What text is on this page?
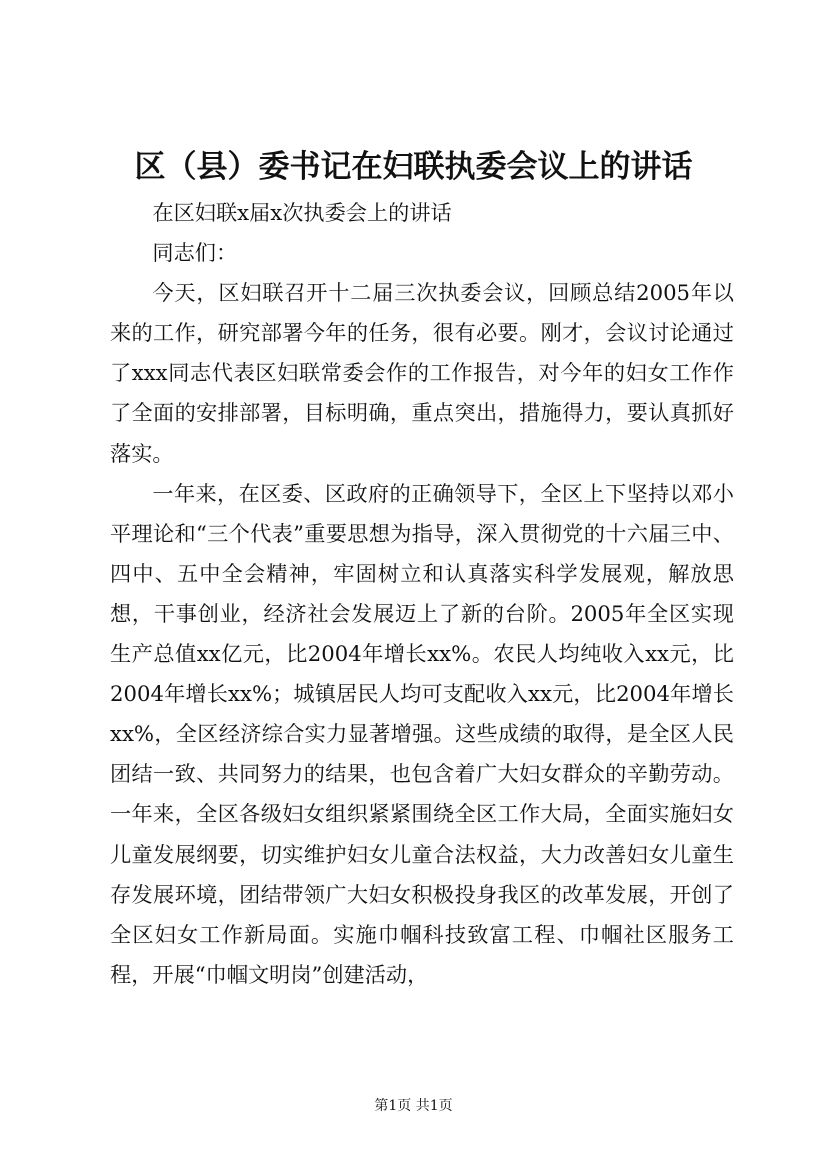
区（县）委书记在妇联执委会议上的讲话

在区妇联x届x次执委会上的讲话

同志们：

今天，区妇联召开十二届三次执委会议，回顾总结2005年以来的工作，研究部署今年的任务，很有必要。刚才，会议讨论通过了xxx同志代表区妇联常委会作的工作报告，对今年的妇女工作作了全面的安排部署，目标明确，重点突出，措施得力，要认真抓好落实。

一年来，在区委、区政府的正确领导下，全区上下坚持以邓小平理论和“三个代表”重要思想为指导，深入贯彻党的十六届三中、四中、五中全会精神，牢固树立和认真落实科学发展观，解放思想，干事创业，经济社会发展迈上了新的台阶。2005年全区实现生产总值xx亿元，比2004年增长xx%。农民人均纯收入xx元，比2004年增长xx%；城镇居民人均可支配收入xx元，比2004年增长xx%，全区经济综合实力显著增强。这些成绩的取得，是全区人民团结一致、共同努力的结果，也包含着广大妇女群众的辛勤劳动。一年来，全区各级妇女组织紧紧围绕全区工作大局，全面实施妇女儿童发展纲要，切实维护妇女儿童合法权益，大力改善妇女儿童生存发展环境，团结带领广大妇女积极投身我区的改革发展，开创了全区妇女工作新局面。实施巾帼科技致富工程、巾帼社区服务工程，开展“巾帼文明岗”创建活动，

第1页 共1页
